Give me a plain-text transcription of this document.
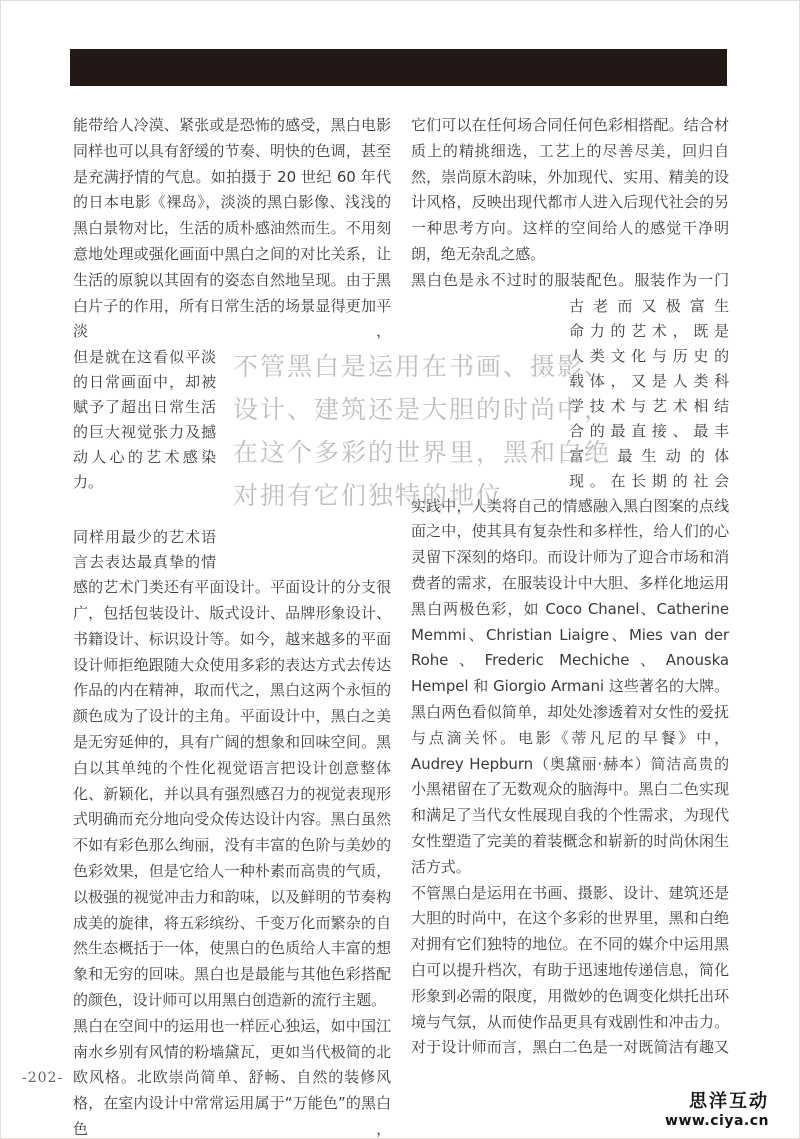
不管黑白是运用在书画、摄影、
设计、建筑还是大胆的时尚中，
在这个多彩的世界里，黑和白绝
对拥有它们独特的地位。

能带给人冷漠、紧张或是恐怖的感受，黑白电影同样也可以具有舒缓的节奏、明快的色调，甚至是充满抒情的气息。如拍摄于 20 世纪 60 年代的日本电影《裸岛》，淡淡的黑白影像、浅浅的黑白景物对比，生活的质朴感油然而生。不用刻意地处理或强化画面中黑白之间的对比关系，让生活的原貌以其固有的姿态自然地呈现。由于黑白片子的作用，所有日常生活的场景显得更加平淡，

但是就在这看似平淡
的日常画面中，却被
赋予了超出日常生活
的巨大视觉张力及撼
动人心的艺术感染力。
同样用最少的艺术语
言去表达最真挚的情

感的艺术门类还有平面设计。平面设计的分支很广，包括包装设计、版式设计、品牌形象设计、书籍设计、标识设计等。如今，越来越多的平面设计师拒绝跟随大众使用多彩的表达方式去传达作品的内在精神，取而代之，黑白这两个永恒的颜色成为了设计的主角。平面设计中，黑白之美是无穷延伸的，具有广阔的想象和回味空间。黑白以其单纯的个性化视觉语言把设计创意整体化、新颖化，并以具有强烈感召力的视觉表现形式明确而充分地向受众传达设计内容。黑白虽然不如有彩色那么绚丽，没有丰富的色阶与美妙的色彩效果，但是它给人一种朴素而高贵的气质，以极强的视觉冲击力和韵味，以及鲜明的节奏构成美的旋律，将五彩缤纷、千变万化而繁杂的自然生态概括于一体，使黑白的色质给人丰富的想象和无穷的回味。黑白也是最能与其他色彩搭配的颜色，设计师可以用黑白创造新的流行主题。

黑白在空间中的运用也一样匠心独运，如中国江南水乡别有风情的粉墙黛瓦，更如当代极简的北欧风格。北欧崇尚简单、舒畅、自然的装修风格，在室内设计中常常运用属于“万能色”的黑白色，

它们可以在任何场合同任何色彩相搭配。结合材质上的精挑细选，工艺上的尽善尽美，回归自然，崇尚原木韵味，外加现代、实用、精美的设计风格，反映出现代都市人进入后现代社会的另一种思考方向。这样的空间给人的感觉干净明朗，绝无杂乱之感。

黑白色是永不过时的服装配色。服装作为一门

古老而又极富生
命力的艺术，既是
人类文化与历史的
载体，又是人类科
学技术与艺术相结
合的最直接、最丰
富、最生动的体
现。在长期的社会

实践中，人类将自己的情感融入黑白图案的点线面之中，使其具有复杂性和多样性，给人们的心灵留下深刻的烙印。而设计师为了迎合市场和消费者的需求，在服装设计中大胆、多样化地运用黑白两极色彩，如 Coco Chanel、Catherine Memmi、Christian Liaigre、Mies van der Rohe、Frederic Mechiche、Anouska Hempel 和 Giorgio Armani 这些著名的大牌。黑白两色看似简单，却处处渗透着对女性的爱抚与点滴关怀。电影《蒂凡尼的早餐》中，Audrey Hepburn（奥黛丽·赫本）简洁高贵的小黑裙留在了无数观众的脑海中。黑白二色实现和满足了当代女性展现自我的个性需求，为现代女性塑造了完美的着装概念和崭新的时尚休闲生活方式。

不管黑白是运用在书画、摄影、设计、建筑还是大胆的时尚中，在这个多彩的世界里，黑和白绝对拥有它们独特的地位。在不同的媒介中运用黑白可以提升档次，有助于迅速地传递信息，简化形象到必需的限度，用微妙的色调变化烘托出环境与气氛，从而使作品更具有戏剧性和冲击力。对于设计师而言，黑白二色是一对既简洁有趣又

-202-
思洋互动
www.ciya.cn
